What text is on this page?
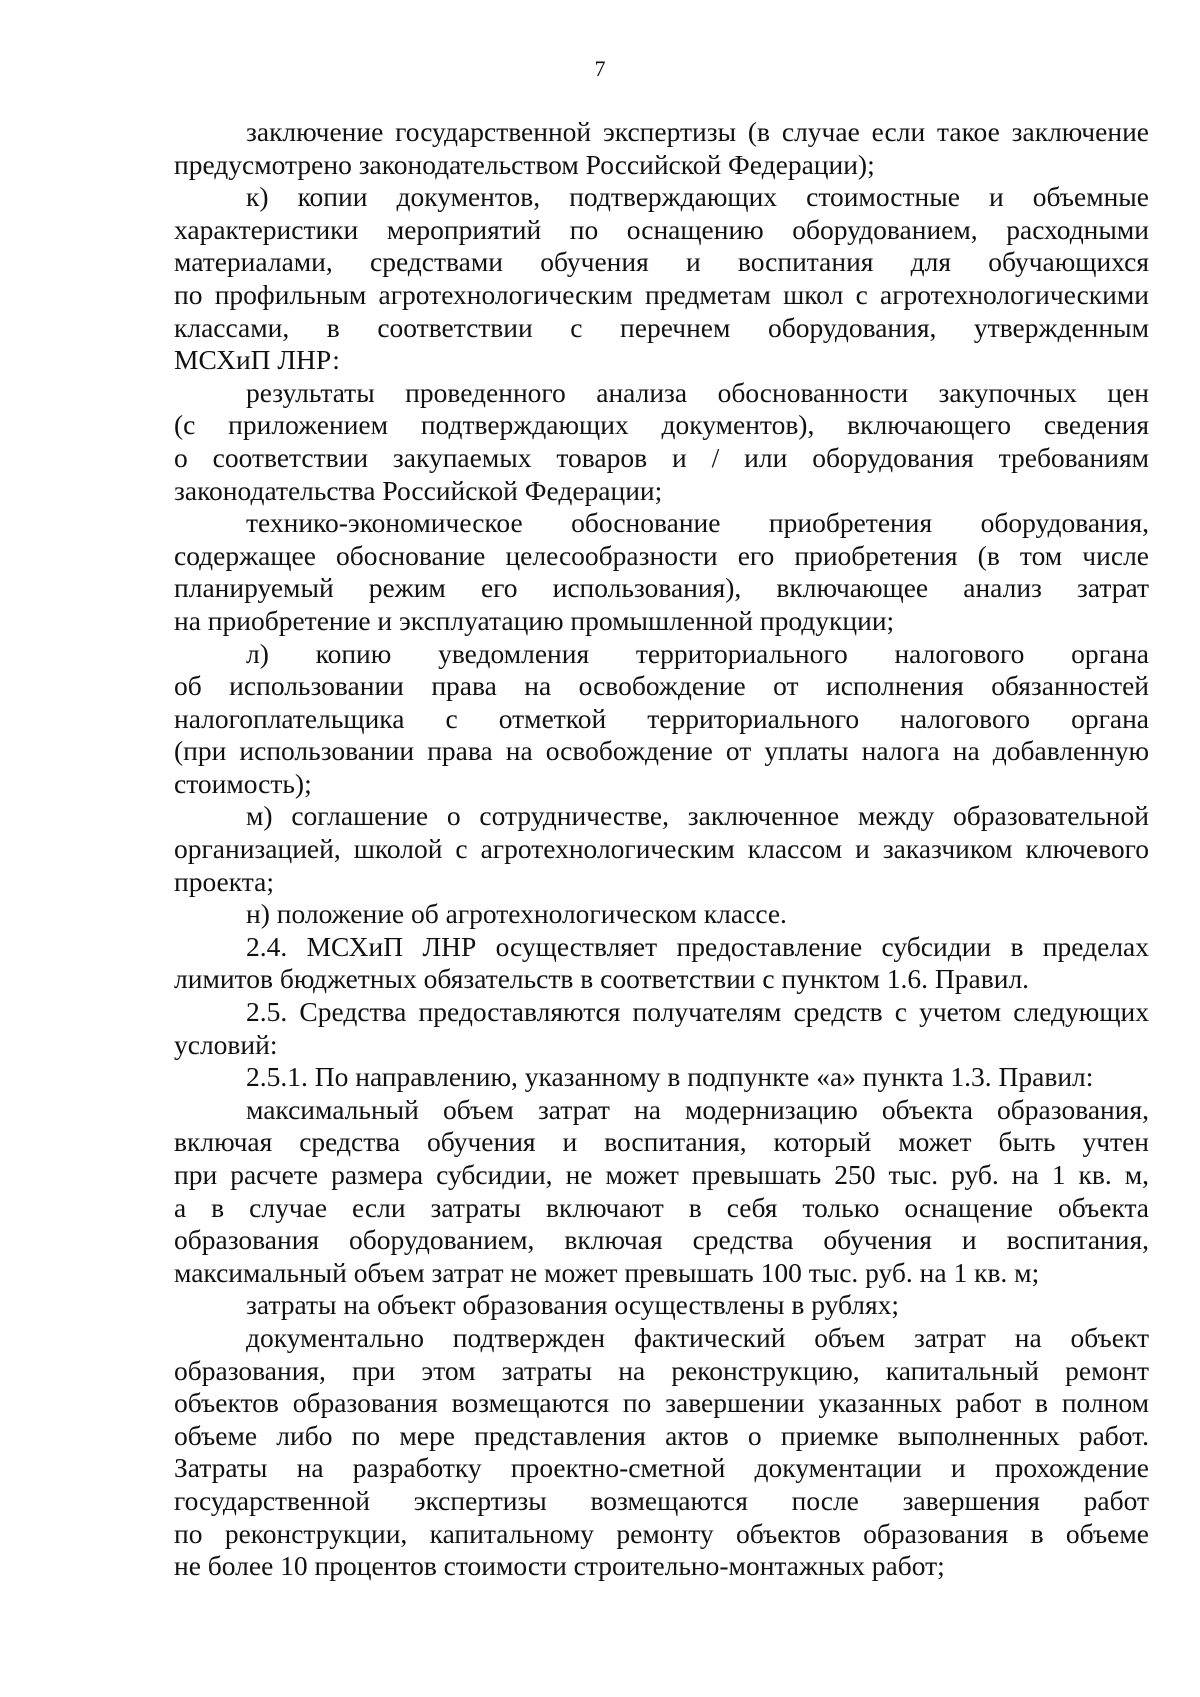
7
заключение государственной экспертизы (в случае если такое заключение
предусмотрено законодательством Российской Федерации);
к) копии документов, подтверждающих стоимостные и объемные
характеристики мероприятий по оснащению оборудованием, расходными
материалами, средствами обучения и воспитания для обучающихся
по профильным агротехнологическим предметам школ с агротехнологическими
классами, в соответствии с перечнем оборудования, утвержденным
МСХиП ЛНР:
результаты проведенного анализа обоснованности закупочных цен
(с приложением подтверждающих документов), включающего сведения
о соответствии закупаемых товаров и / или оборудования требованиям
законодательства Российской Федерации;
технико-экономическое обоснование приобретения оборудования,
содержащее обоснование целесообразности его приобретения (в том числе
планируемый режим его использования), включающее анализ затрат
на приобретение и эксплуатацию промышленной продукции;
л) копию уведомления территориального налогового органа
об использовании права на освобождение от исполнения обязанностей
налогоплательщика с отметкой территориального налогового органа
(при использовании права на освобождение от уплаты налога на добавленную
стоимость);
м) соглашение о сотрудничестве, заключенное между образовательной
организацией, школой с агротехнологическим классом и заказчиком ключевого
проекта;
н) положение об агротехнологическом классе.
2.4. МСХиП ЛНР осуществляет предоставление субсидии в пределах
лимитов бюджетных обязательств в соответствии с пунктом 1.6. Правил.
2.5. Средства предоставляются получателям средств с учетом следующих
условий:
2.5.1. По направлению, указанному в подпункте «а» пункта 1.3. Правил:
максимальный объем затрат на модернизацию объекта образования,
включая средства обучения и воспитания, который может быть учтен
при расчете размера субсидии, не может превышать 250 тыс. руб. на 1 кв. м,
а в случае если затраты включают в себя только оснащение объекта
образования оборудованием, включая средства обучения и воспитания,
максимальный объем затрат не может превышать 100 тыс. руб. на 1 кв. м;
затраты на объект образования осуществлены в рублях;
документально подтвержден фактический объем затрат на объект
образования, при этом затраты на реконструкцию, капитальный ремонт
объектов образования возмещаются по завершении указанных работ в полном
объеме либо по мере представления актов о приемке выполненных работ.
Затраты на разработку проектно-сметной документации и прохождение
государственной экспертизы возмещаются после завершения работ
по реконструкции, капитальному ремонту объектов образования в объеме
не более 10 процентов стоимости строительно-монтажных работ;
